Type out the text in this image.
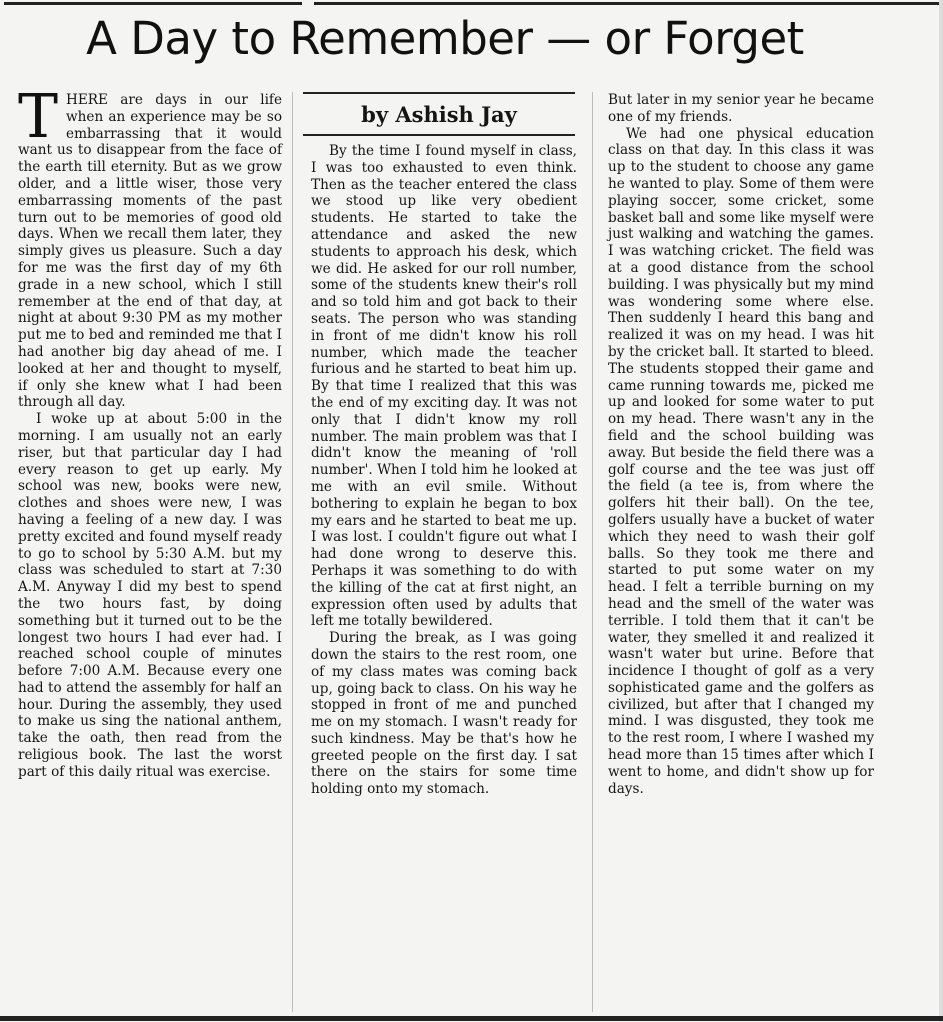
A Day to Remember — or Forget

THERE are days in our life when an experience may be so embarrassing that it would want us to disappear from the face of the earth till eternity. But as we grow older, and a little wiser, those very embarrassing moments of the past turn out to be memories of good old days. When we recall them later, they simply gives us pleasure. Such a day for me was the first day of my 6th grade in a new school, which I still remember at the end of that day, at night at about 9:30 PM as my mother put me to bed and reminded me that I had another big day ahead of me. I looked at her and thought to myself, if only she knew what I had been through all day.

I woke up at about 5:00 in the morning. I am usually not an early riser, but that particular day I had every reason to get up early. My school was new, books were new, clothes and shoes were new, I was having a feeling of a new day. I was pretty excited and found myself ready to go to school by 5:30 A.M. but my class was scheduled to start at 7:30 A.M. Anyway I did my best to spend the two hours fast, by doing something but it turned out to be the longest two hours I had ever had. I reached school couple of minutes before 7:00 A.M. Because every one had to attend the assembly for half an hour. During the assembly, they used to make us sing the national anthem, take the oath, then read from the religious book. The last the worst part of this daily ritual was exercise.

by Ashish Jay

By the time I found myself in class, I was too exhausted to even think. Then as the teacher entered the class we stood up like very obedient students. He started to take the attendance and asked the new students to approach his desk, which we did. He asked for our roll number, some of the students knew their's roll and so told him and got back to their seats. The person who was standing in front of me didn't know his roll number, which made the teacher furious and he started to beat him up. By that time I realized that this was the end of my exciting day. It was not only that I didn't know my roll number. The main problem was that I didn't know the meaning of 'roll number'. When I told him he looked at me with an evil smile. Without bothering to explain he began to box my ears and he started to beat me up. I was lost. I couldn't figure out what I had done wrong to deserve this. Perhaps it was something to do with the killing of the cat at first night, an expression often used by adults that left me totally bewildered.

During the break, as I was going down the stairs to the rest room, one of my class mates was coming back up, going back to class. On his way he stopped in front of me and punched me on my stomach. I wasn't ready for such kindness. May be that's how he greeted people on the first day. I sat there on the stairs for some time holding onto my stomach.

But later in my senior year he became one of my friends.

We had one physical education class on that day. In this class it was up to the student to choose any game he wanted to play. Some of them were playing soccer, some cricket, some basket ball and some like myself were just walking and watching the games. I was watching cricket. The field was at a good distance from the school building. I was physically but my mind was wondering some where else. Then suddenly I heard this bang and realized it was on my head. I was hit by the cricket ball. It started to bleed. The students stopped their game and came running towards me, picked me up and looked for some water to put on my head. There wasn't any in the field and the school building was away. But beside the field there was a golf course and the tee was just off the field (a tee is, from where the golfers hit their ball). On the tee, golfers usually have a bucket of water which they need to wash their golf balls. So they took me there and started to put some water on my head. I felt a terrible burning on my head and the smell of the water was terrible. I told them that it can't be water, they smelled it and realized it wasn't water but urine. Before that incidence I thought of golf as a very sophisticated game and the golfers as civilized, but after that I changed my mind. I was disgusted, they took me to the rest room, I where I washed my head more than 15 times after which I went to home, and didn't show up for days.
